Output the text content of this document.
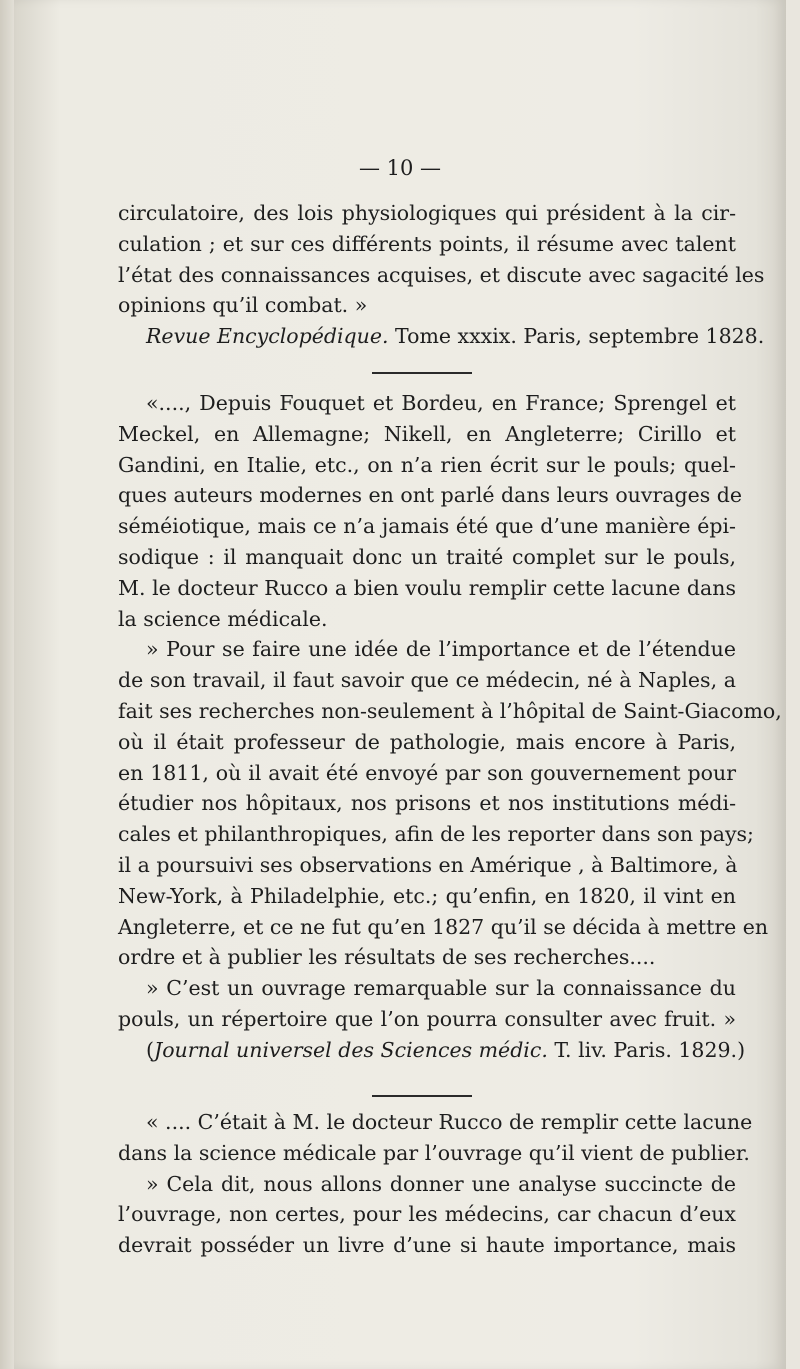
— 10 —
circulatoire, des lois physiologiques qui président à la cir-
culation ; et sur ces différents points, il résume avec talent
l’état des connaissances acquises, et discute avec sagacité les
opinions qu’il combat. »
Revue Encyclopédique. Tome xxxix. Paris, septembre 1828.
«...., Depuis Fouquet et Bordeu, en France; Sprengel et
Meckel, en Allemagne; Nikell, en Angleterre; Cirillo et
Gandini, en Italie, etc., on n’a rien écrit sur le pouls; quel-
ques auteurs modernes en ont parlé dans leurs ouvrages de
séméiotique, mais ce n’a jamais été que d’une manière épi-
sodique : il manquait donc un traité complet sur le pouls,
M. le docteur Rucco a bien voulu remplir cette lacune dans
la science médicale.
» Pour se faire une idée de l’importance et de l’étendue
de son travail, il faut savoir que ce médecin, né à Naples, a
fait ses recherches non-seulement à l’hôpital de Saint-Giacomo,
où il était professeur de pathologie, mais encore à Paris,
en 1811, où il avait été envoyé par son gouvernement pour
étudier nos hôpitaux, nos prisons et nos institutions médi-
cales et philanthropiques, afin de les reporter dans son pays;
il a poursuivi ses observations en Amérique , à Baltimore, à
New-York, à Philadelphie, etc.; qu’enfin, en 1820, il vint en
Angleterre, et ce ne fut qu’en 1827 qu’il se décida à mettre en
ordre et à publier les résultats de ses recherches....
» C’est un ouvrage remarquable sur la connaissance du
pouls, un répertoire que l’on pourra consulter avec fruit. »
(Journal universel des Sciences médic. T. liv. Paris. 1829.)
« .... C’était à M. le docteur Rucco de remplir cette lacune
dans la science médicale par l’ouvrage qu’il vient de publier.
» Cela dit, nous allons donner une analyse succincte de
l’ouvrage, non certes, pour les médecins, car chacun d’eux
devrait posséder un livre d’une si haute importance, mais
